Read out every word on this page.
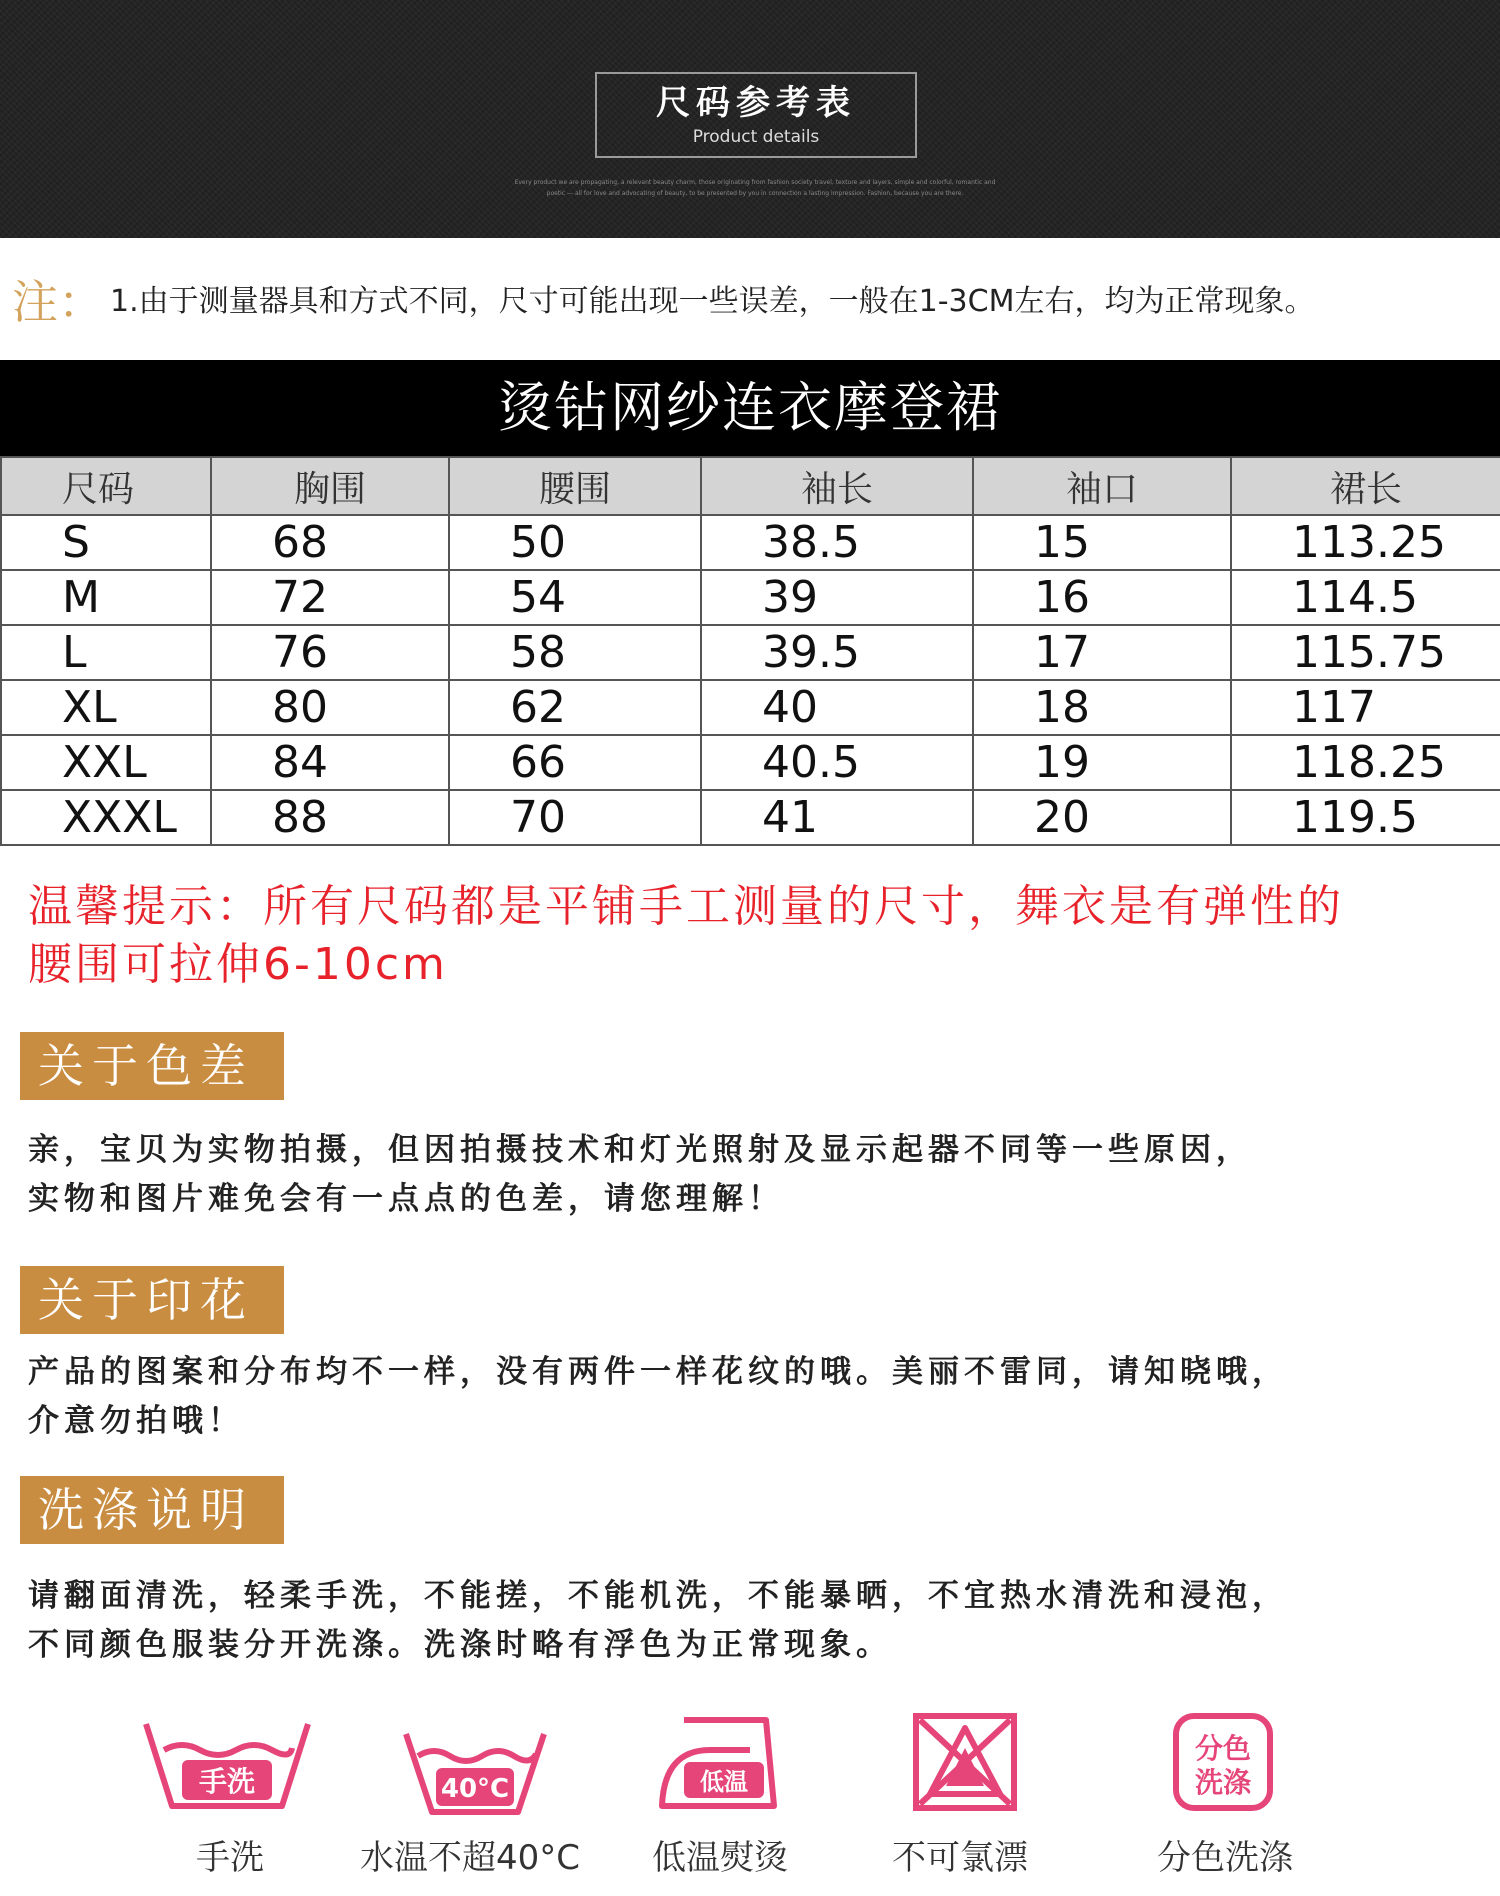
尺码参考表
Product details
Every product we are propagating, a relevant beauty charm, those originating from fashion society travel, texture and layers, simple and colorful, romantic and
poetic — all for love and advocating of beauty, to be presented by you in connection a lasting impression. Fashion, because you are there.
注： 1.由于测量器具和方式不同，尺寸可能出现一些误差，一般在1-3CM左右，均为正常现象。
烫钻网纱连衣摩登裙
尺码	胸围	腰围	袖长	袖口	裙长
S	68	50	38.5	15	113.25
M	72	54	39	16	114.5
L	76	58	39.5	17	115.75
XL	80	62	40	18	117
XXL	84	66	40.5	19	118.25
XXXL	88	70	41	20	119.5
温馨提示：所有尺码都是平铺手工测量的尺寸，舞衣是有弹性的
腰围可拉伸6-10cm
关于色差
亲，宝贝为实物拍摄，但因拍摄技术和灯光照射及显示起器不同等一些原因，
实物和图片难免会有一点点的色差，请您理解！
关于印花
产品的图案和分布均不一样，没有两件一样花纹的哦。美丽不雷同，请知晓哦，
介意勿拍哦！
洗涤说明
请翻面清洗，轻柔手洗，不能搓，不能机洗，不能暴晒，不宜热水清洗和浸泡，
不同颜色服装分开洗涤。洗涤时略有浮色为正常现象。
手洗	40°C	低温
分色
洗涤
手洗	水温不超40°C	低温熨烫	不可氯漂	分色洗涤
